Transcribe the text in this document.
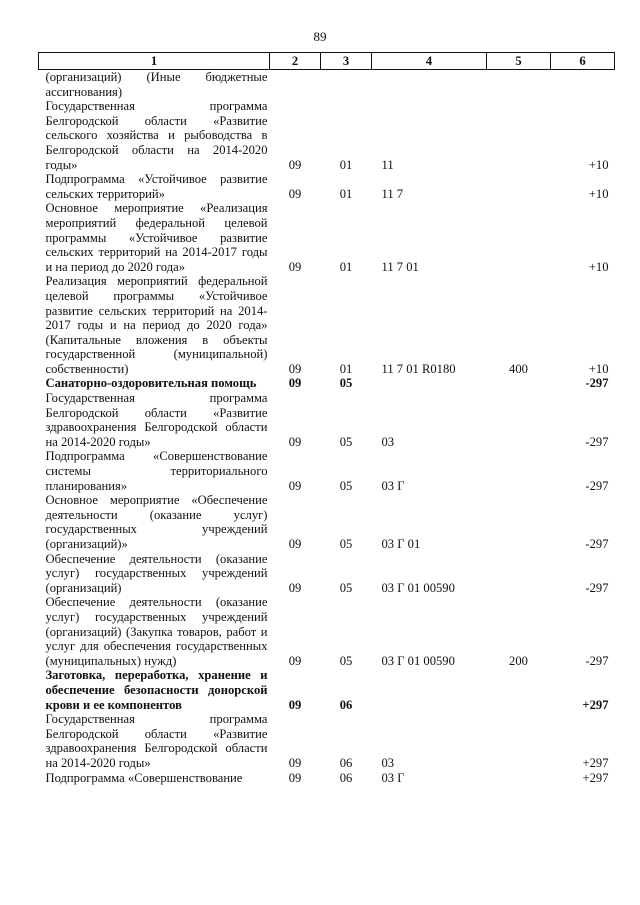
89
1	2	3	4	5	6
(организаций) (Иные бюджетные ассигнования)					
Государственная программа Белгородской области «Развитие сельского хозяйства и рыбоводства в Белгородской области на 2014-2020 годы»	09	01	11		+10
Подпрограмма «Устойчивое развитие сельских территорий»	09	01	11 7		+10
Основное мероприятие «Реализация мероприятий федеральной целевой программы «Устойчивое развитие сельских территорий на 2014-2017 годы и на период до 2020 года»	09	01	11 7 01		+10
Реализация мероприятий федеральной целевой программы «Устойчивое развитие сельских территорий на 2014-2017 годы и на период до 2020 года» (Капитальные вложения в объекты государственной (муниципальной) собственности)	09	01	11 7 01 R0180	400	+10
Санаторно-оздоровительная помощь	09	05			-297
Государственная программа Белгородской области «Развитие здравоохранения Белгородской области на 2014-2020 годы»	09	05	03		-297
Подпрограмма «Совершенствование системы территориального планирования»	09	05	03 Г		-297
Основное мероприятие «Обеспечение деятельности (оказание услуг) государственных учреждений (организаций)»	09	05	03 Г 01		-297
Обеспечение деятельности (оказание услуг) государственных учреждений (организаций)	09	05	03 Г 01 00590		-297
Обеспечение деятельности (оказание услуг) государственных учреждений (организаций) (Закупка товаров, работ и услуг для обеспечения государственных (муниципальных) нужд)	09	05	03 Г 01 00590	200	-297
Заготовка, переработка, хранение и обеспечение безопасности донорской крови и ее компонентов	09	06			+297
Государственная программа Белгородской области «Развитие здравоохранения Белгородской области на 2014-2020 годы»	09	06	03		+297
Подпрограмма «Совершенствование	09	06	03 Г		+297
